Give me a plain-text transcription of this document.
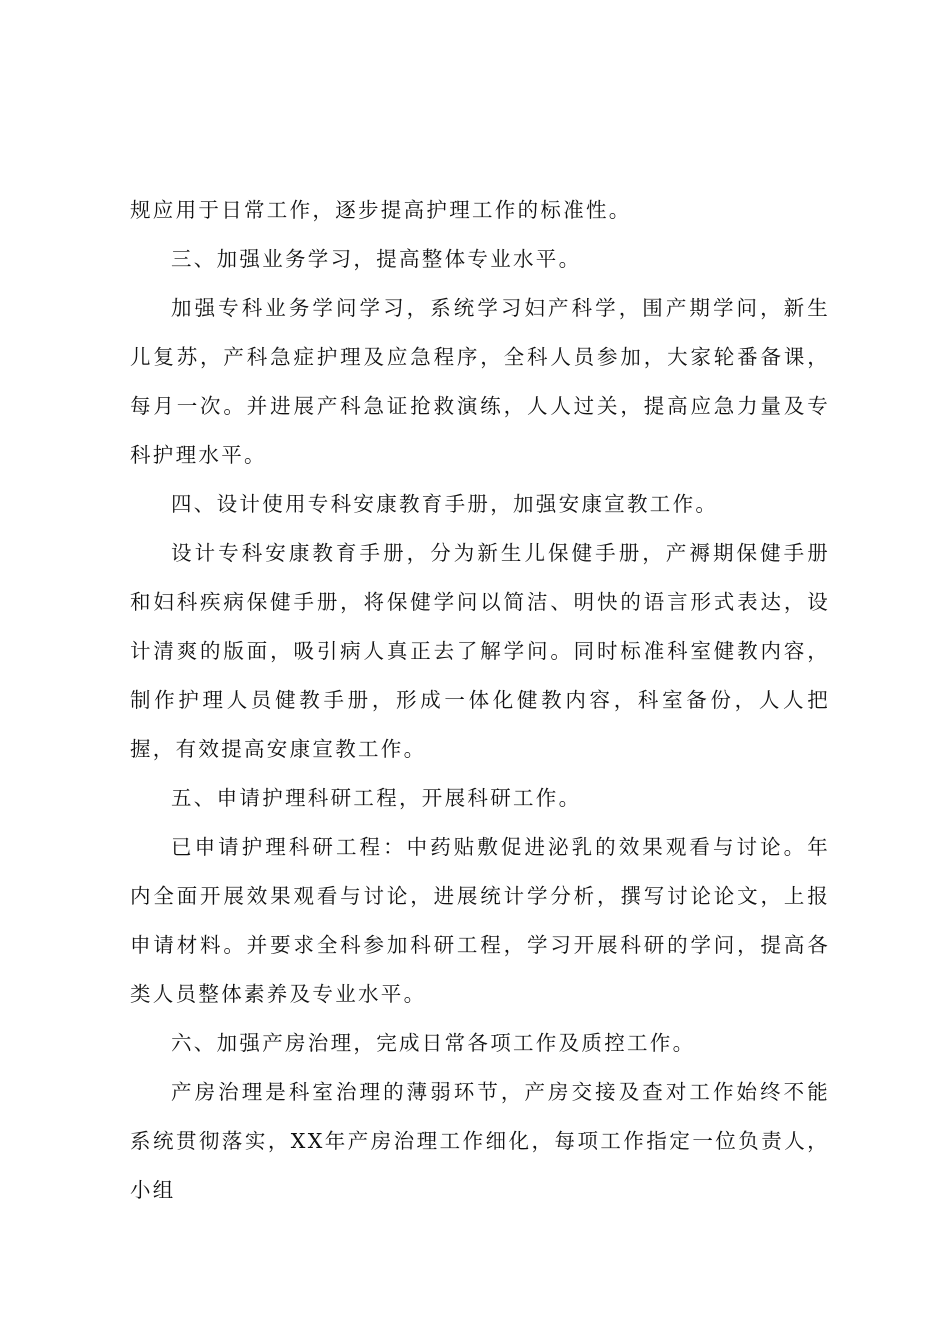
规应用于日常工作，逐步提高护理工作的标准性。

三、加强业务学习，提高整体专业水平。

加强专科业务学问学习，系统学习妇产科学，围产期学问，新生儿复苏，产科急症护理及应急程序，全科人员参加，大家轮番备课，每月一次。并进展产科急证抢救演练，人人过关，提高应急力量及专科护理水平。

四、设计使用专科安康教育手册，加强安康宣教工作。

设计专科安康教育手册，分为新生儿保健手册，产褥期保健手册和妇科疾病保健手册，将保健学问以简洁、明快的语言形式表达，设计清爽的版面，吸引病人真正去了解学问。同时标准科室健教内容，制作护理人员健教手册，形成一体化健教内容，科室备份，人人把握，有效提高安康宣教工作。

五、申请护理科研工程，开展科研工作。

已申请护理科研工程：中药贴敷促进泌乳的效果观看与讨论。年内全面开展效果观看与讨论，进展统计学分析，撰写讨论论文，上报申请材料。并要求全科参加科研工程，学习开展科研的学问，提高各类人员整体素养及专业水平。

六、加强产房治理，完成日常各项工作及质控工作。

产房治理是科室治理的薄弱环节，产房交接及查对工作始终不能系统贯彻落实，XX年产房治理工作细化，每项工作指定一位负责人，小组
